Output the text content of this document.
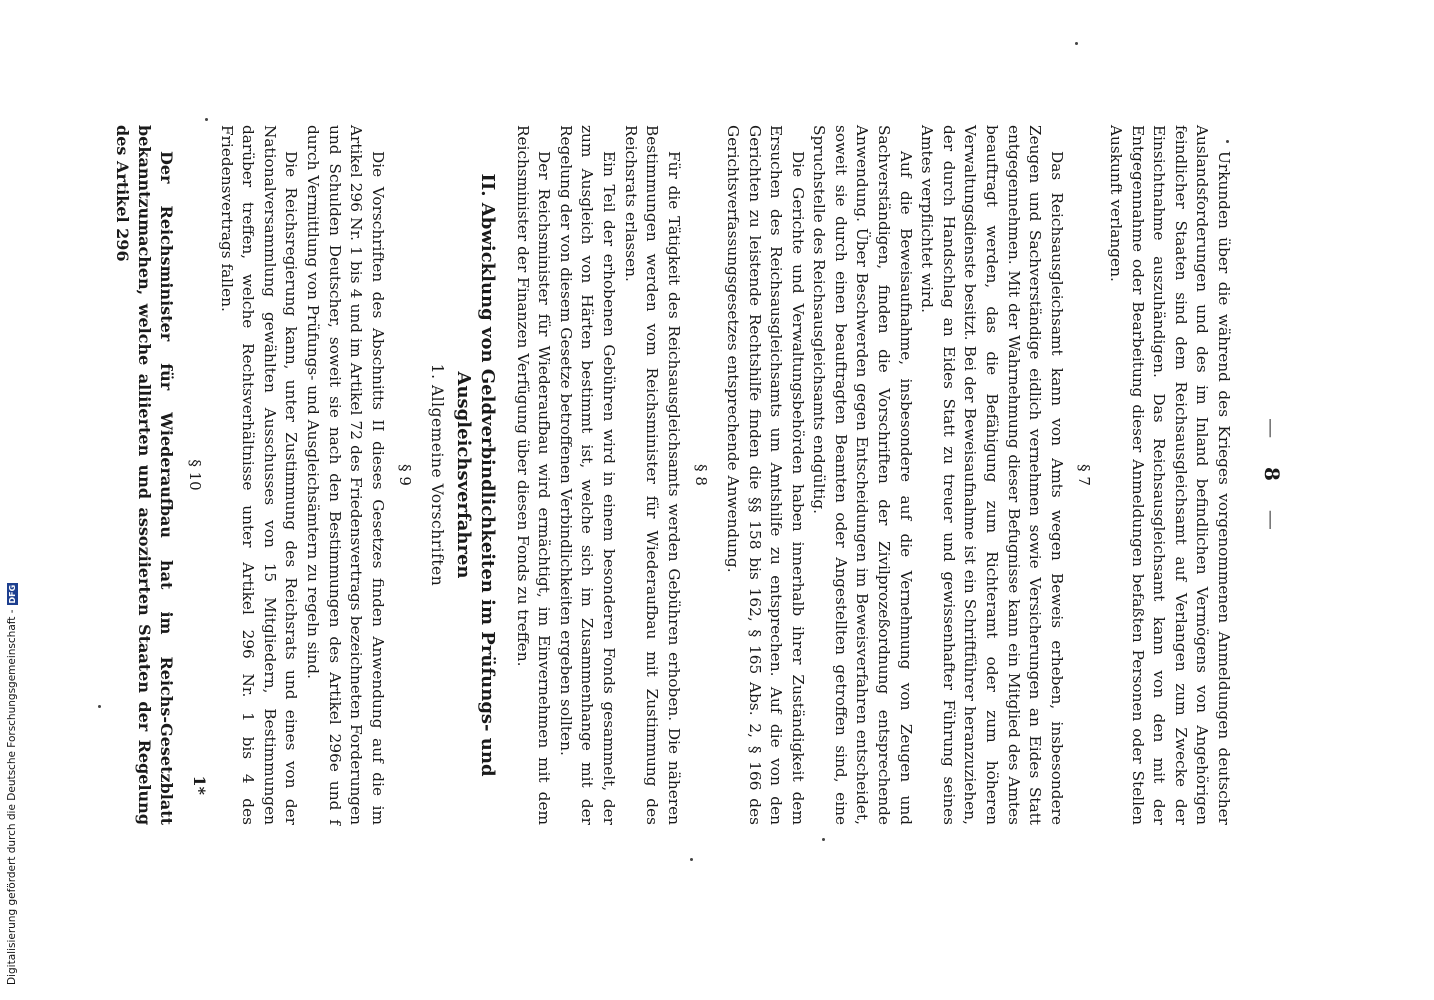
— 8 —

Urkunden über die während des Krieges vorgenommenen Anmeldungen deutscher Auslandsforderungen und des im Inland befindlichen Vermögens von Angehörigen feindlicher Staaten sind dem Reichsausgleichsamt auf Verlangen zum Zwecke der Einsichtnahme auszuhändigen. Das Reichsausgleichsamt kann von den mit der Entgegennahme oder Bearbeitung dieser Anmeldungen befaßten Personen oder Stellen Auskunft verlangen.

§ 7

Das Reichsausgleichsamt kann von Amts wegen Beweis erheben, insbesondere Zeugen und Sachverständige eidlich vernehmen sowie Versicherungen an Eides Statt entgegennehmen. Mit der Wahrnehmung dieser Befugnisse kann ein Mitglied des Amtes beauftragt werden, das die Befähigung zum Richteramt oder zum höheren Verwaltungsdienste besitzt. Bei der Beweisaufnahme ist ein Schriftführer heranzuziehen, der durch Handschlag an Eides Statt zu treuer und gewissenhafter Führung seines Amtes verpflichtet wird.

Auf die Beweisaufnahme, insbesondere auf die Vernehmung von Zeugen und Sachverständigen, finden die Vorschriften der Zivilprozeßordnung entsprechende Anwendung. Über Beschwerden gegen Entscheidungen im Beweisverfahren entscheidet, soweit sie durch einen beauftragten Beamten oder Angestellten getroffen sind, eine Spruchstelle des Reichsausgleichsamts endgültig.

Die Gerichte und Verwaltungsbehörden haben innerhalb ihrer Zuständigkeit dem Ersuchen des Reichsausgleichsamts um Amtshilfe zu entsprechen. Auf die von den Gerichten zu leistende Rechtshilfe finden die §§ 158 bis 162, § 165 Abs. 2, § 166 des Gerichtsverfassungsgesetzes entsprechende Anwendung.

§ 8

Für die Tätigkeit des Reichsausgleichsamts werden Gebühren erhoben. Die näheren Bestimmungen werden vom Reichsminister für Wiederaufbau mit Zustimmung des Reichsrats erlassen.

Ein Teil der erhobenen Gebühren wird in einem besonderen Fonds gesammelt, der zum Ausgleich von Härten bestimmt ist, welche sich im Zusammenhange mit der Regelung der von diesem Gesetze betroffenen Verbindlichkeiten ergeben sollten.

Der Reichsminister für Wiederaufbau wird ermächtigt, im Einvernehmen mit dem Reichsminister der Finanzen Verfügung über diesen Fonds zu treffen.

II. Abwicklung von Geldverbindlichkeiten im Prüfungs- und Ausgleichsverfahren
1. Allgemeine Vorschriften
§ 9

Die Vorschriften des Abschnitts II dieses Gesetzes finden Anwendung auf die im Artikel 296 Nr. 1 bis 4 und im Artikel 72 des Friedensvertrags bezeichneten Forderungen und Schulden Deutscher, soweit sie nach den Bestimmungen des Artikel 296e und f durch Vermittlung von Prüfungs- und Ausgleichsämtern zu regeln sind.

Die Reichsregierung kann, unter Zustimmung des Reichsrats und eines von der Nationalversammlung gewählten Ausschusses von 15 Mitgliedern, Bestimmungen darüber treffen, welche Rechtsverhältnisse unter Artikel 296 Nr. 1 bis 4 des Friedensvertrags fallen.

§ 10

Der Reichsminister für Wiederaufbau hat im Reichs-Gesetzblatt bekanntzumachen, welche alliierten und assoziierten Staaten der Regelung des Artikel 296

1*
Digitalisierung gefördert durch die Deutsche Forschungsgemeinschaft -
DFG
